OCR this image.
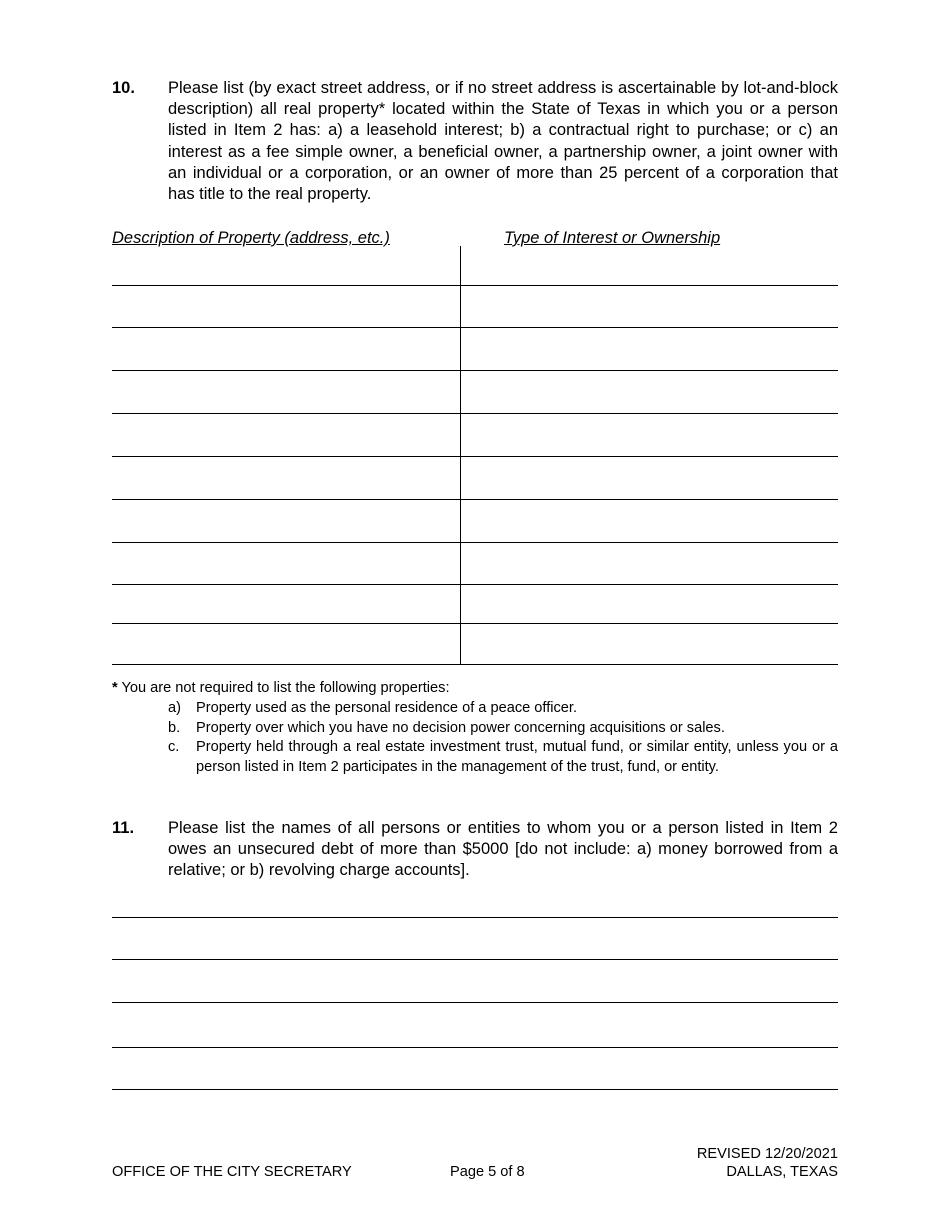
10. Please list (by exact street address, or if no street address is ascertainable by lot-and-block description) all real property* located within the State of Texas in which you or a person listed in Item 2 has: a) a leasehold interest; b) a contractual right to purchase; or c) an interest as a fee simple owner, a beneficial owner, a partnership owner, a joint owner with an individual or a corporation, or an owner of more than 25 percent of a corporation that has title to the real property.
Description of Property (address, etc.)	Type of Interest or Ownership
* You are not required to list the following properties:
a) Property used as the personal residence of a peace officer.
b. Property over which you have no decision power concerning acquisitions or sales.
c. Property held through a real estate investment trust, mutual fund, or similar entity, unless you or a person listed in Item 2 participates in the management of the trust, fund, or entity.
11. Please list the names of all persons or entities to whom you or a person listed in Item 2 owes an unsecured debt of more than $5000 [do not include: a) money borrowed from a relative; or b) revolving charge accounts].
OFFICE OF THE CITY SECRETARY	Page 5 of 8
REVISED 12/20/2021
DALLAS, TEXAS
